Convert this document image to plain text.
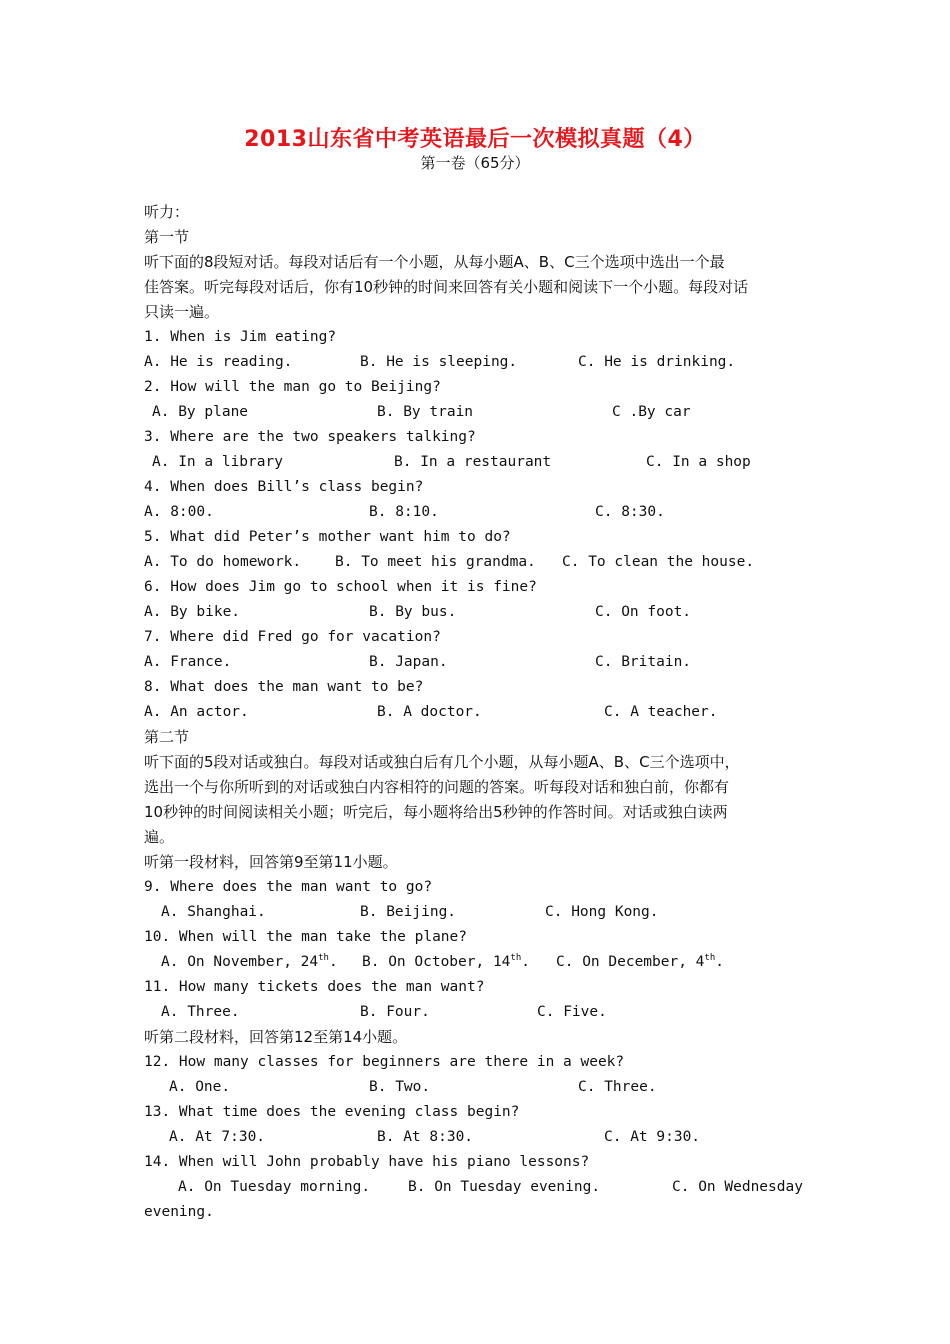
2013山东省中考英语最后一次模拟真题（4）
第一卷（65分）
听力：
第一节
听下面的8段短对话。每段对话后有一个小题，从每小题A、B、C三个选项中选出一个最
佳答案。听完每段对话后，你有10秒钟的时间来回答有关小题和阅读下一个小题。每段对话
只读一遍。
1. When is Jim eating?
A. He is reading.	B. He is sleeping.	C. He is drinking.
2. How will the man go to Beijing?
A. By plane	B. By train	C .By car
3. Where are the two speakers talking?
A. In a library	B. In a restaurant	C. In a shop
4. When does Bill’s class begin?
A. 8:00.	B. 8:10.	C. 8:30.
5. What did Peter’s mother want him to do?
A. To do homework. B. To meet his grandma. C. To clean the house.
6. How does Jim go to school when it is fine?
A. By bike.	B. By bus.	C. On foot.
7. Where did Fred go for vacation?
A. France.	B. Japan.	C. Britain.
8. What does the man want to be?
A. An actor.	B. A doctor.	C. A teacher.
第二节
听下面的5段对话或独白。每段对话或独白后有几个小题，从每小题A、B、C三个选项中，
选出一个与你所听到的对话或独白内容相符的问题的答案。听每段对话和独白前，你都有
10秒钟的时间阅读相关小题；听完后，每小题将给出5秒钟的作答时间。对话或独白读两
遍。
听第一段材料，回答第9至第11小题。
9. Where does the man want to go?
A. Shanghai.	B. Beijing.	C. Hong Kong.
10. When will the man take the plane?
A. On November, 24th. B. On October, 14th. C. On December, 4th.
11. How many tickets does the man want?
A. Three.	B. Four.	C. Five.
听第二段材料，回答第12至第14小题。
12. How many classes for beginners are there in a week?
A. One.	B. Two.	C. Three.
13. What time does the evening class begin?
A. At 7:30.	B. At 8:30.	C. At 9:30.
14. When will John probably have his piano lessons?
A. On Tuesday morning.	B. On Tuesday evening.	C. On Wednesday
evening.
